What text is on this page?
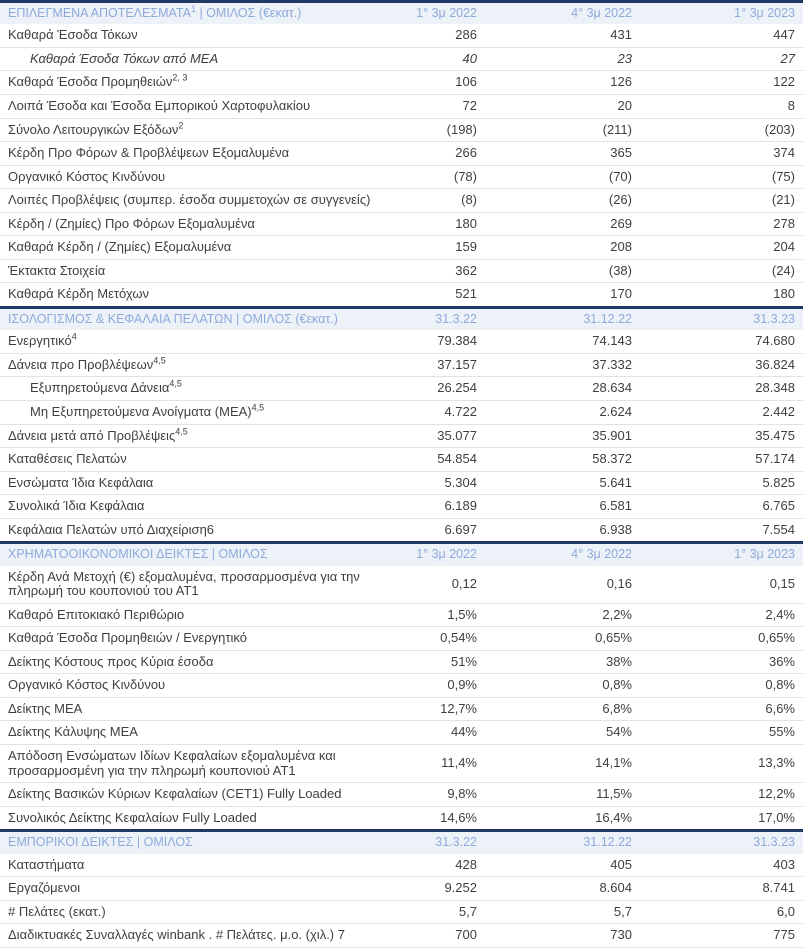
ΕΠΙΛΕΓΜΕΝΑ ΑΠΟΤΕΛΕΣΜΑΤΑ$^1$ | ΟΜΙΛΟΣ (€εκατ.)	1° 3μ 2022	4° 3μ 2022	1° 3μ 2023
Καθαρά Έσοδα Τόκων	286	431	447
Καθαρά Έσοδα Τόκων από ΜΕΑ	40	23	27
Καθαρά Έσοδα Προμηθειών$^{2, 3}$	106	126	122
Λοιπά Έσοδα και Έσοδα Εμπορικού Χαρτοφυλακίου	72	20	8
Σύνολο Λειτουργικών Εξόδων$^2$	(198)	(211)	(203)
Κέρδη Προ Φόρων & Προβλέψεων Εξομαλυμένα	266	365	374
Οργανικό Κόστος Κινδύνου	(78)	(70)	(75)
Λοιπές Προβλέψεις (συμπερ. έσοδα συμμετοχών σε συγγενείς)	(8)	(26)	(21)
Κέρδη / (Ζημίες) Προ Φόρων Εξομαλυμένα	180	269	278
Καθαρά Κέρδη / (Ζημίες) Εξομαλυμένα	159	208	204
Έκτακτα Στοιχεία	362	(38)	(24)
Καθαρά Κέρδη Μετόχων	521	170	180
ΙΣΟΛΟΓΙΣΜΟΣ & ΚΕΦΑΛΑΙΑ ΠΕΛΑΤΩΝ | ΟΜΙΛΟΣ (€εκατ.)	31.3.22	31.12.22	31.3.23
Ενεργητικό$^4$	79.384	74.143	74.680
Δάνεια προ Προβλέψεων$^{4,5}$	37.157	37.332	36.824
Εξυπηρετούμενα Δάνεια$^{4,5}$	26.254	28.634	28.348
Μη Εξυπηρετούμενα Ανοίγματα $(MEA)^{4,5}$	4.722	2.624	2.442
Δάνεια μετά από Προβλέψεις$^{4,5}$	35.077	35.901	35.475
Καταθέσεις Πελατών	54.854	58.372	57.174
Ενσώματα Ίδια Κεφάλαια	5.304	5.641	5.825
Συνολικά Ίδια Κεφάλαια	6.189	6.581	6.765
Κεφάλαια Πελατών υπό Διαχείριση6	6.697	6.938	7.554
ΧΡΗΜΑΤΟΟΙΚΟΝΟΜΙΚΟΙ ΔΕΙΚΤΕΣ | ΟΜΙΛΟΣ	1° 3μ 2022	4° 3μ 2022	1° 3μ 2023
Κέρδη Ανά Μετοχή (€) εξομαλυμένα, προσαρμοσμένα για την πληρωμή του κουπονιού του ΑΤ1	0,12	0,16	0,15
Καθαρό Επιτοκιακό Περιθώριο	1,5%	2,2%	2,4%
Καθαρά Έσοδα Προμηθειών / Ενεργητικό	0,54%	0,65%	0,65%
Δείκτης Κόστους προς Κύρια έσοδα	51%	38%	36%
Οργανικό Κόστος Κινδύνου	0,9%	0,8%	0,8%
Δείκτης ΜΕΑ	12,7%	6,8%	6,6%
Δείκτης Κάλυψης ΜΕΑ	44%	54%	55%
Απόδοση Ενσώματων Ιδίων Κεφαλαίων εξομαλυμένα και προσαρμοσμένη για την πληρωμή κουπονιού ΑΤ1	11,4%	14,1%	13,3%
Δείκτης Βασικών Κύριων Κεφαλαίων (CET1) Fully Loaded	9,8%	11,5%	12,2%
Συνολικός Δείκτης Κεφαλαίων Fully Loaded	14,6%	16,4%	17,0%
ΕΜΠΟΡΙΚΟΙ ΔΕΙΚΤΕΣ | ΟΜΙΛΟΣ	31.3.22	31.12.22	31.3.23
Καταστήματα	428	405	403
Εργαζόμενοι	9.252	8.604	8.741
# Πελάτες (εκατ.)	5,7	5,7	6,0
Διαδικτυακές Συναλλαγές winbank . # Πελάτες. μ.ο. (χιλ.) 7	700	730	775
